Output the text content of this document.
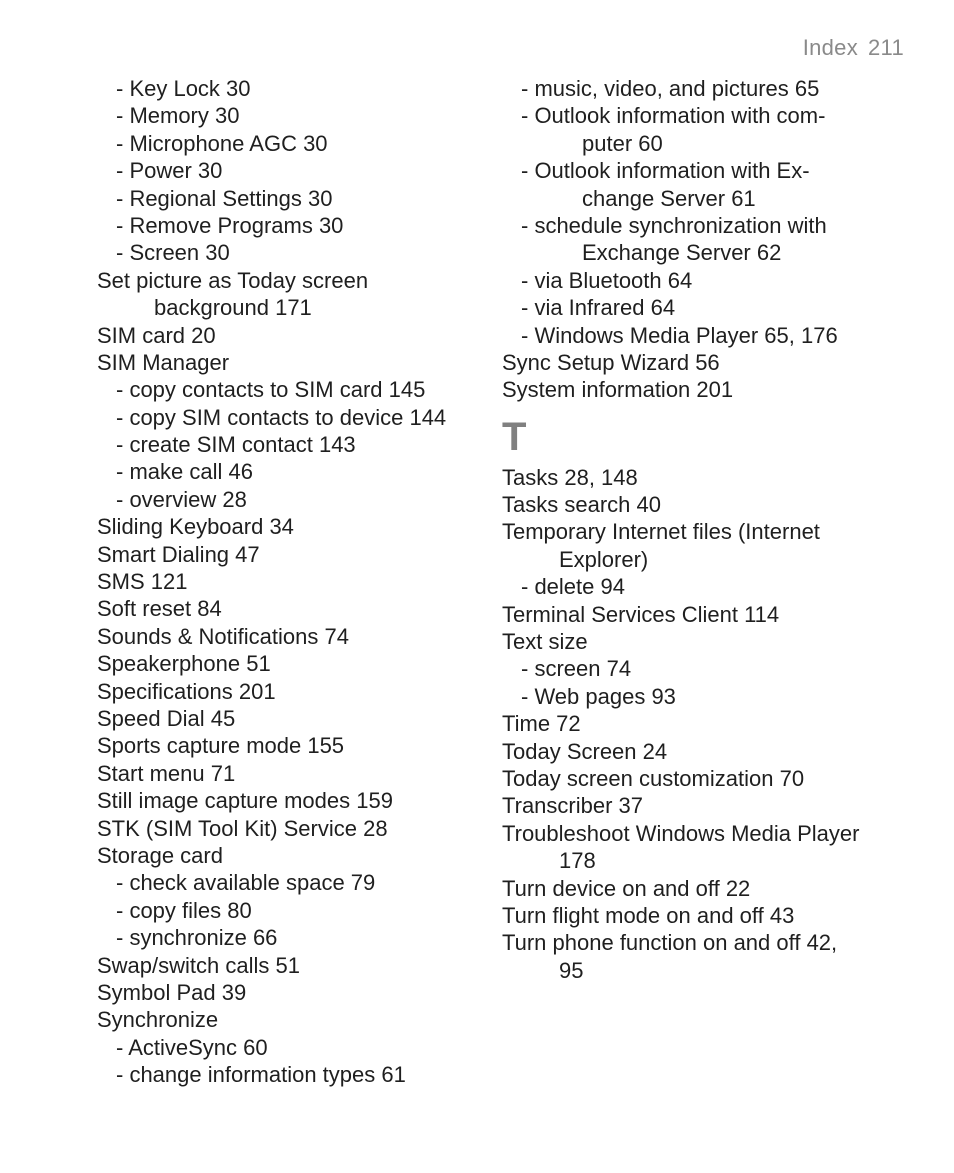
Index 211
- Key Lock 30
- Memory 30
- Microphone AGC 30
- Power 30
- Regional Settings 30
- Remove Programs 30
- Screen 30
Set picture as Today screen
background 171
SIM card 20
SIM Manager
- copy contacts to SIM card 145
- copy SIM contacts to device 144
- create SIM contact 143
- make call 46
- overview 28
Sliding Keyboard 34
Smart Dialing 47
SMS 121
Soft reset 84
Sounds & Notifications 74
Speakerphone 51
Specifications 201
Speed Dial 45
Sports capture mode 155
Start menu 71
Still image capture modes 159
STK (SIM Tool Kit) Service 28
Storage card
- check available space 79
- copy files 80
- synchronize 66
Swap/switch calls 51
Symbol Pad 39
Synchronize
- ActiveSync 60
- change information types 61
- music, video, and pictures 65
- Outlook information with com-
puter 60
- Outlook information with Ex-
change Server 61
- schedule synchronization with
Exchange Server 62
- via Bluetooth 64
- via Infrared 64
- Windows Media Player 65, 176
Sync Setup Wizard 56
System information 201
T
Tasks 28, 148
Tasks search 40
Temporary Internet files (Internet
Explorer)
- delete 94
Terminal Services Client 114
Text size
- screen 74
- Web pages 93
Time 72
Today Screen 24
Today screen customization 70
Transcriber 37
Troubleshoot Windows Media Player
178
Turn device on and off 22
Turn flight mode on and off 43
Turn phone function on and off 42,
95
